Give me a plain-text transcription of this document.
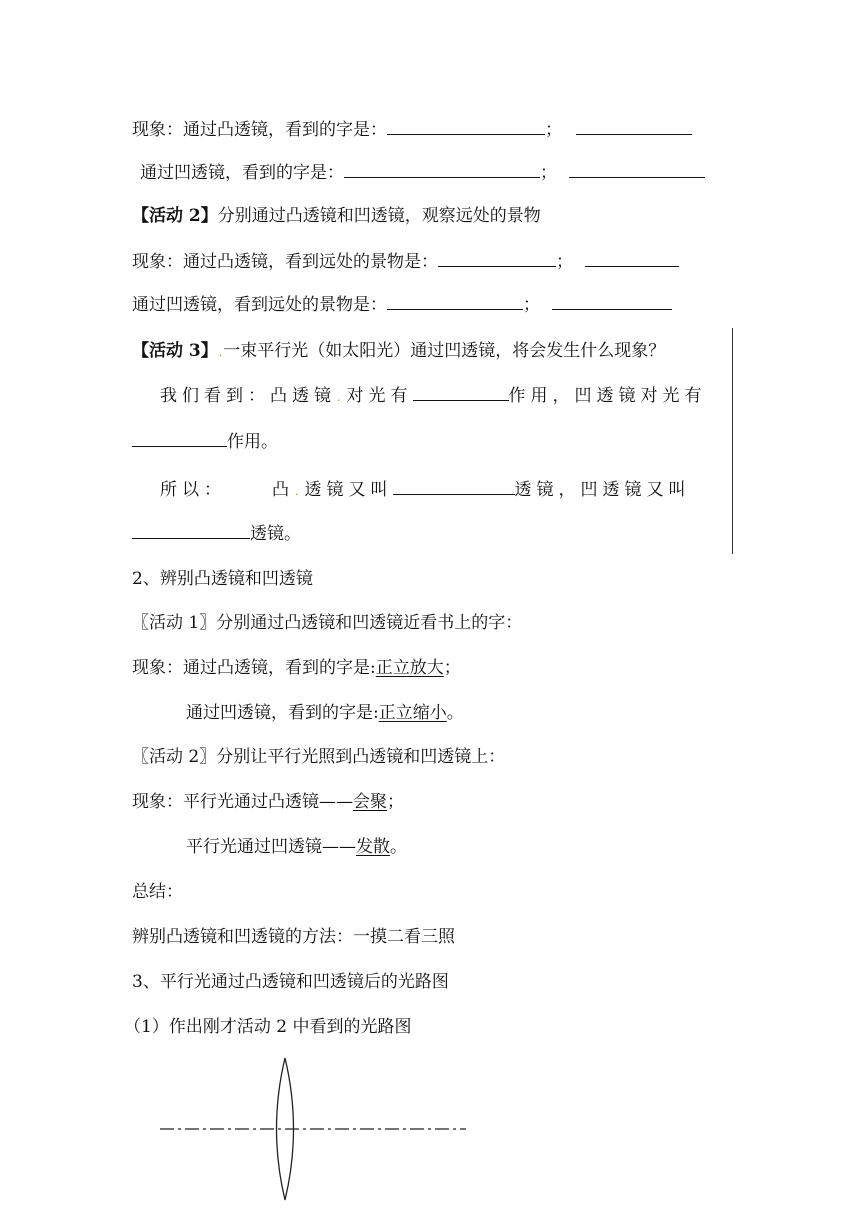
现象：通过凸透镜，看到的字是：	；
通过凹透镜，看到的字是：	；
【活动 2】分别通过凸透镜和凹透镜，观察远处的景物
现象：通过凸透镜，看到远处的景物是：	；
通过凹透镜，看到远处的景物是：	；
【活动 3】.一束平行光（如太阳光）通过凹透镜，将会发生什么现象？
我们看到：凸透镜.对光有	作用，凹透镜对光有
作用。
所以：	凸.透镜又叫	透镜，凹透镜又叫
透镜。
2、辨别凸透镜和凹透镜
〖活动 1〗分别通过凸透镜和凹透镜近看书上的字：
现象：通过凸透镜，看到的字是:正立放大；
通过凹透镜，看到的字是:正立缩小。
〖活动 2〗分别让平行光照到凸透镜和凹透镜上：
现象：平行光通过凸透镜——会聚；
平行光通过凹透镜——发散。
总结：
辨别凸透镜和凹透镜的方法：一摸二看三照
3、平行光通过凸透镜和凹透镜后的光路图
（1）作出刚才活动 2 中看到的光路图
